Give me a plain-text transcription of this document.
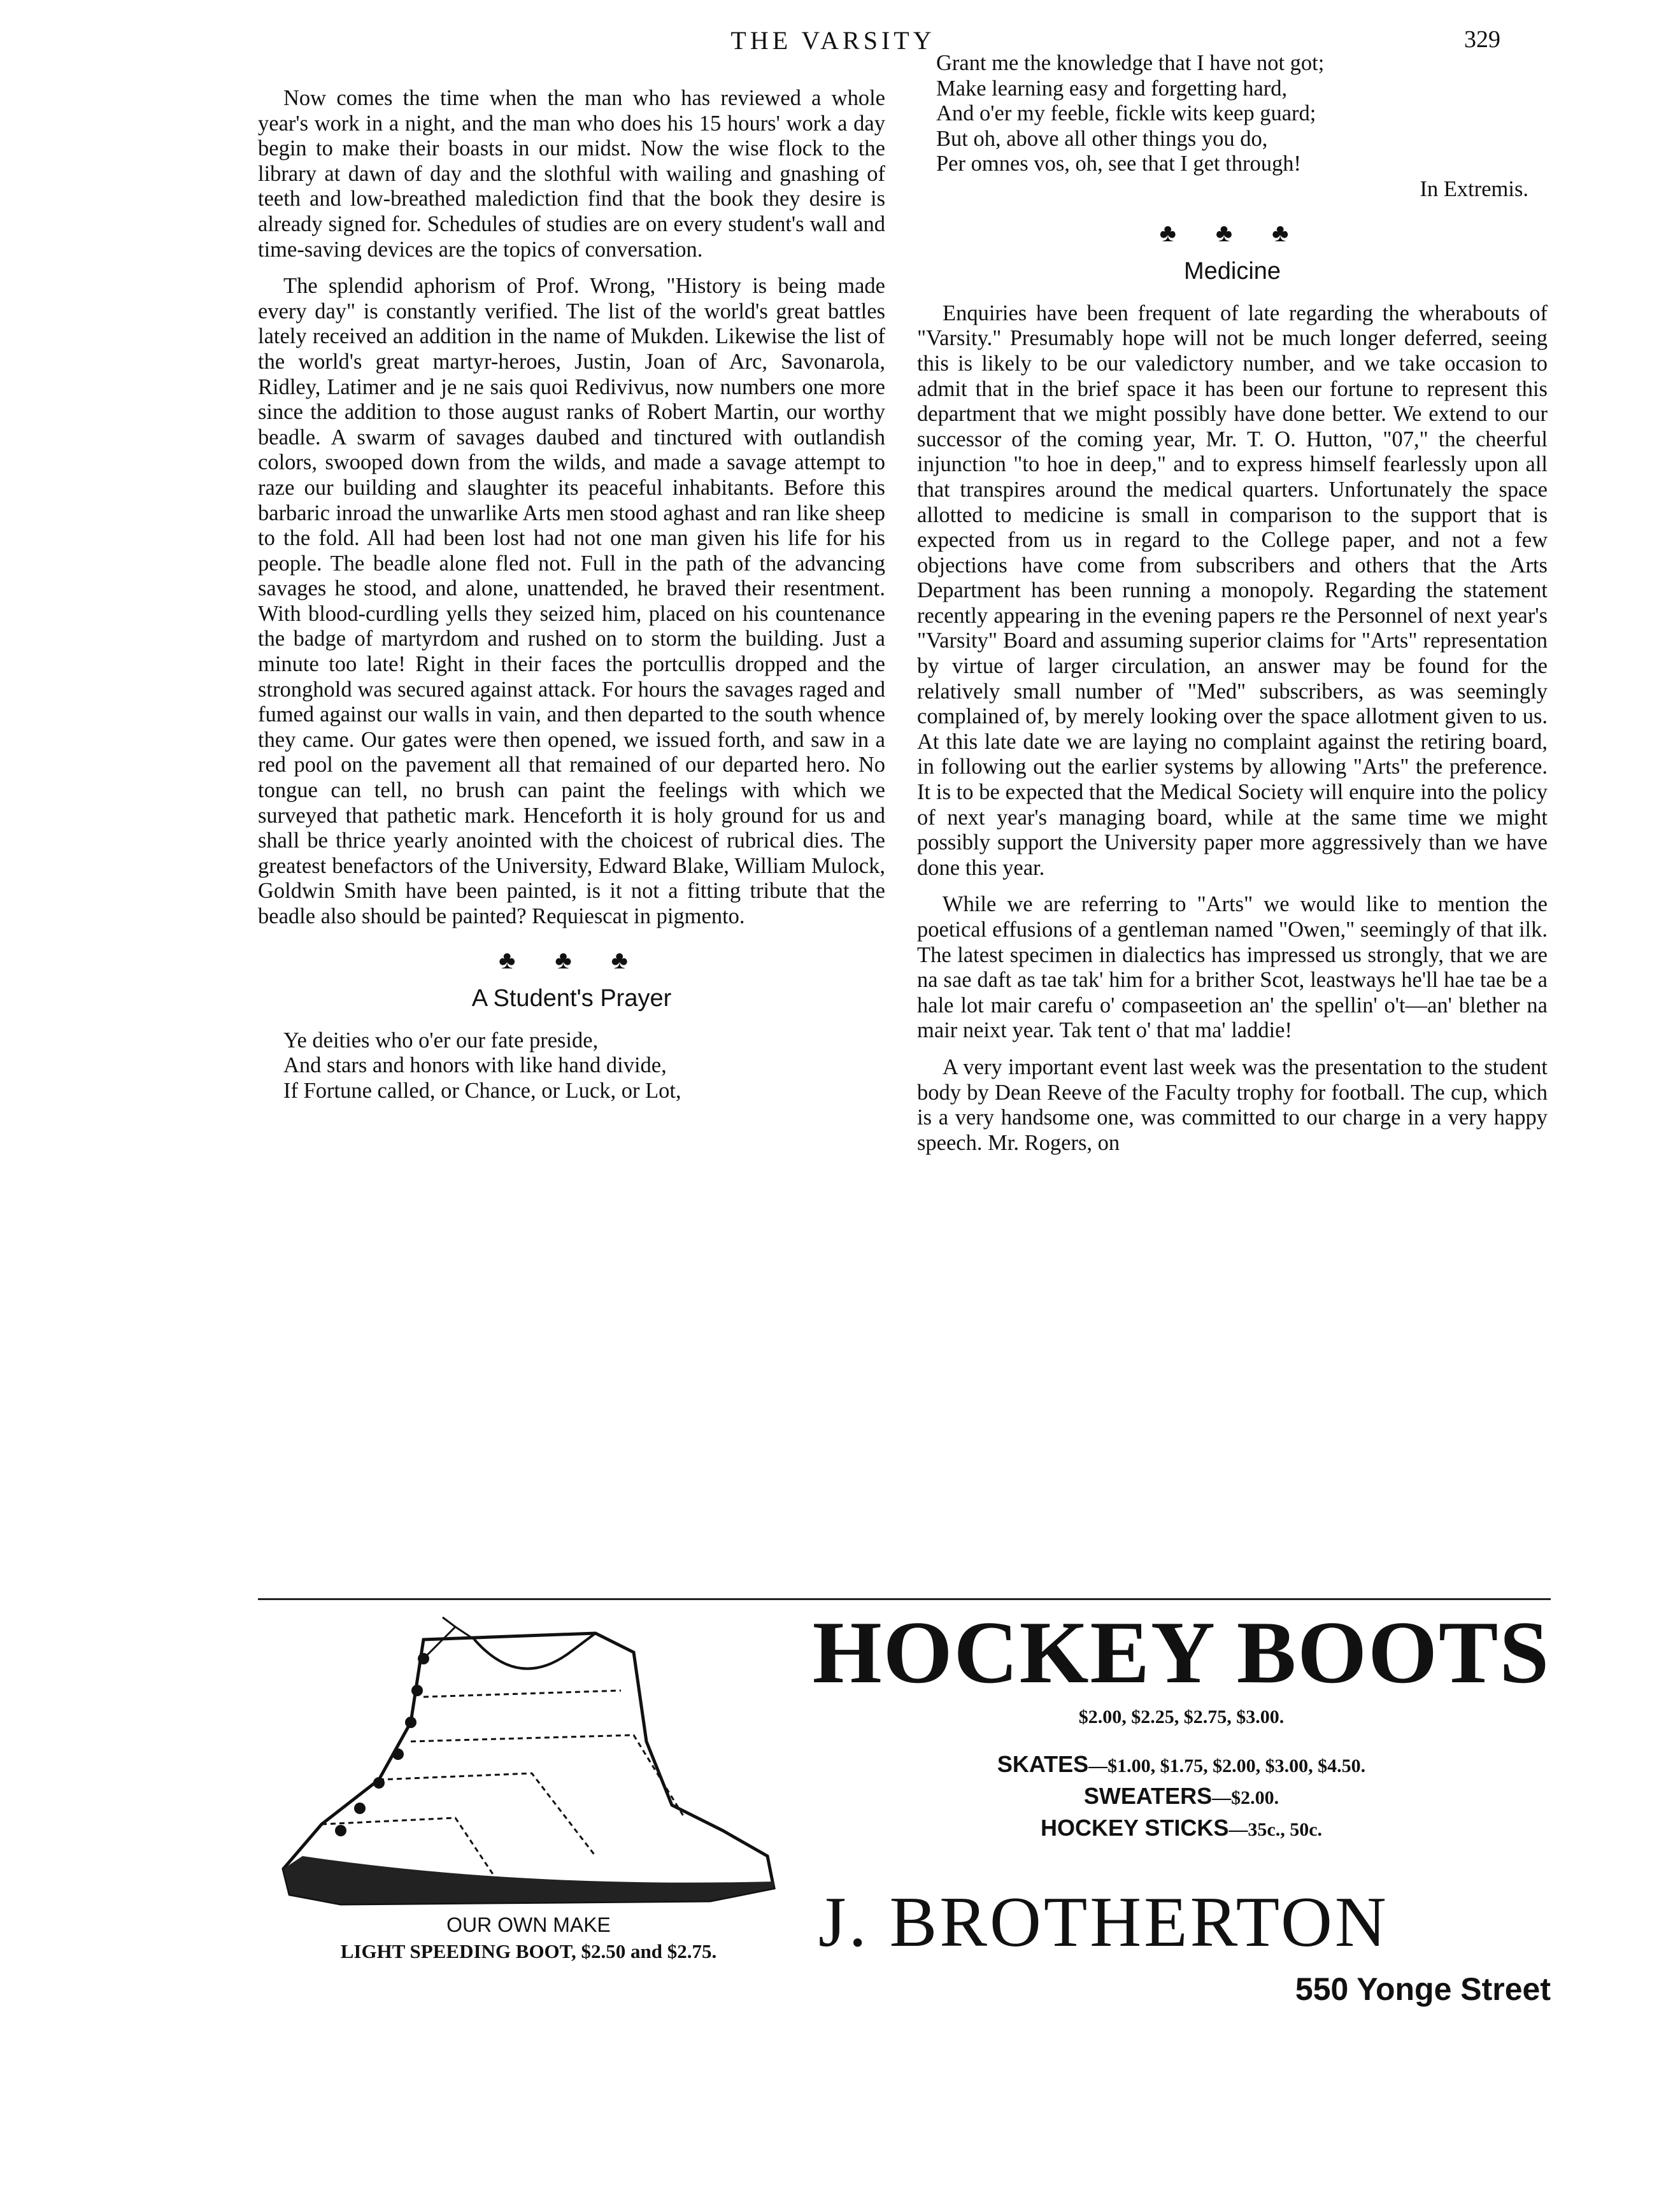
THE VARSITY	329

Now comes the time when the man who has reviewed a whole year's work in a night, and the man who does his 15 hours' work a day begin to make their boasts in our midst. Now the wise flock to the library at dawn of day and the slothful with wailing and gnashing of teeth and low-breathed malediction find that the book they desire is already signed for. Schedules of studies are on every student's wall and time-saving devices are the topics of conversation.

The splendid aphorism of Prof. Wrong, "History is being made every day" is constantly verified. The list of the world's great battles lately received an addition in the name of Mukden. Likewise the list of the world's great martyr-heroes, Justin, Joan of Arc, Savonarola, Ridley, Latimer and je ne sais quoi Redivivus, now numbers one more since the addition to those august ranks of Robert Martin, our worthy beadle. A swarm of savages daubed and tinctured with outlandish colors, swooped down from the wilds, and made a savage attempt to raze our building and slaughter its peaceful inhabitants. Before this barbaric inroad the unwarlike Arts men stood aghast and ran like sheep to the fold. All had been lost had not one man given his life for his people. The beadle alone fled not. Full in the path of the advancing savages he stood, and alone, unattended, he braved their resentment. With blood-curdling yells they seized him, placed on his countenance the badge of martyrdom and rushed on to storm the building. Just a minute too late! Right in their faces the portcullis dropped and the stronghold was secured against attack. For hours the savages raged and fumed against our walls in vain, and then departed to the south whence they came. Our gates were then opened, we issued forth, and saw in a red pool on the pavement all that remained of our departed hero. No tongue can tell, no brush can paint the feelings with which we surveyed that pathetic mark. Henceforth it is holy ground for us and shall be thrice yearly anointed with the choicest of rubrical dies. The greatest benefactors of the University, Edward Blake, William Mulock, Goldwin Smith have been painted, is it not a fitting tribute that the beadle also should be painted? Requiescat in pigmento.

♣ ♣ ♣
A Student's Prayer
Ye deities who o'er our fate preside,
And stars and honors with like hand divide,
If Fortune called, or Chance, or Luck, or Lot,
Grant me the knowledge that I have not got;
Make learning easy and forgetting hard,
And o'er my feeble, fickle wits keep guard;
But oh, above all other things you do,
Per omnes vos, oh, see that I get through!
In Extremis.
♣ ♣ ♣
Medicine

Enquiries have been frequent of late regarding the wherabouts of "Varsity." Presumably hope will not be much longer deferred, seeing this is likely to be our valedictory number, and we take occasion to admit that in the brief space it has been our fortune to represent this department that we might possibly have done better. We extend to our successor of the coming year, Mr. T. O. Hutton, "07," the cheerful injunction "to hoe in deep," and to express himself fearlessly upon all that transpires around the medical quarters. Unfortunately the space allotted to medicine is small in comparison to the support that is expected from us in regard to the College paper, and not a few objections have come from subscribers and others that the Arts Department has been running a monopoly. Regarding the statement recently appearing in the evening papers re the Personnel of next year's "Varsity" Board and assuming superior claims for "Arts" representation by virtue of larger circulation, an answer may be found for the relatively small number of "Med" subscribers, as was seemingly complained of, by merely looking over the space allotment given to us. At this late date we are laying no complaint against the retiring board, in following out the earlier systems by allowing "Arts" the preference. It is to be expected that the Medical Society will enquire into the policy of next year's managing board, while at the same time we might possibly support the University paper more aggressively than we have done this year.

While we are referring to "Arts" we would like to mention the poetical effusions of a gentleman named "Owen," seemingly of that ilk. The latest specimen in dialectics has impressed us strongly, that we are na sae daft as tae tak' him for a brither Scot, leastways he'll hae tae be a hale lot mair carefu o' compaseetion an' the spellin' o't—an' blether na mair neixt year. Tak tent o' that ma' laddie!

A very important event last week was the presentation to the student body by Dean Reeve of the Faculty trophy for football. The cup, which is a very handsome one, was committed to our charge in a very happy speech. Mr. Rogers, on

OUR OWN MAKE
LIGHT SPEEDING BOOT, $2.50 and $2.75.
HOCKEY BOOTS
$2.00, $2.25, $2.75, $3.00.
SKATES—$1.00, $1.75, $2.00, $3.00, $4.50.
SWEATERS—$2.00.
HOCKEY STICKS—35c., 50c.
J. BROTHERTON
550 Yonge Street
